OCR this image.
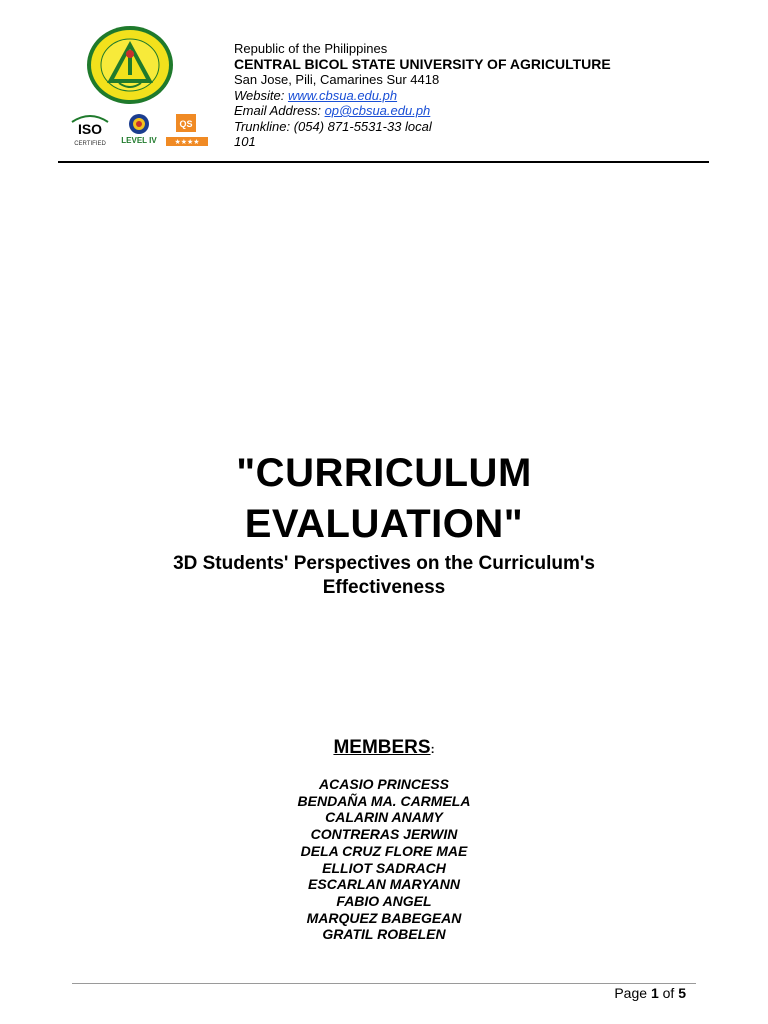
ISO
CERTIFIED LEVEL IV
QS
★★★★
Republic of the Philippines
CENTRAL BICOL STATE UNIVERSITY OF AGRICULTURE
San Jose, Pili, Camarines Sur 4418
Website: www.cbsua.edu.ph
Email Address: op@cbsua.edu.ph
Trunkline: (054) 871-5531-33 local
101
"CURRICULUM
EVALUATION"
3D Students' Perspectives on the Curriculum's
Effectiveness
MEMBERS:
ACASIO PRINCESS
BENDAÑA MA. CARMELA
CALARIN ANAMY
CONTRERAS JERWIN
DELA CRUZ FLORE MAE
ELLIOT SADRACH
ESCARLAN MARYANN
FABIO ANGEL
MARQUEZ BABEGEAN
GRATIL ROBELEN
Page 1 of 5
